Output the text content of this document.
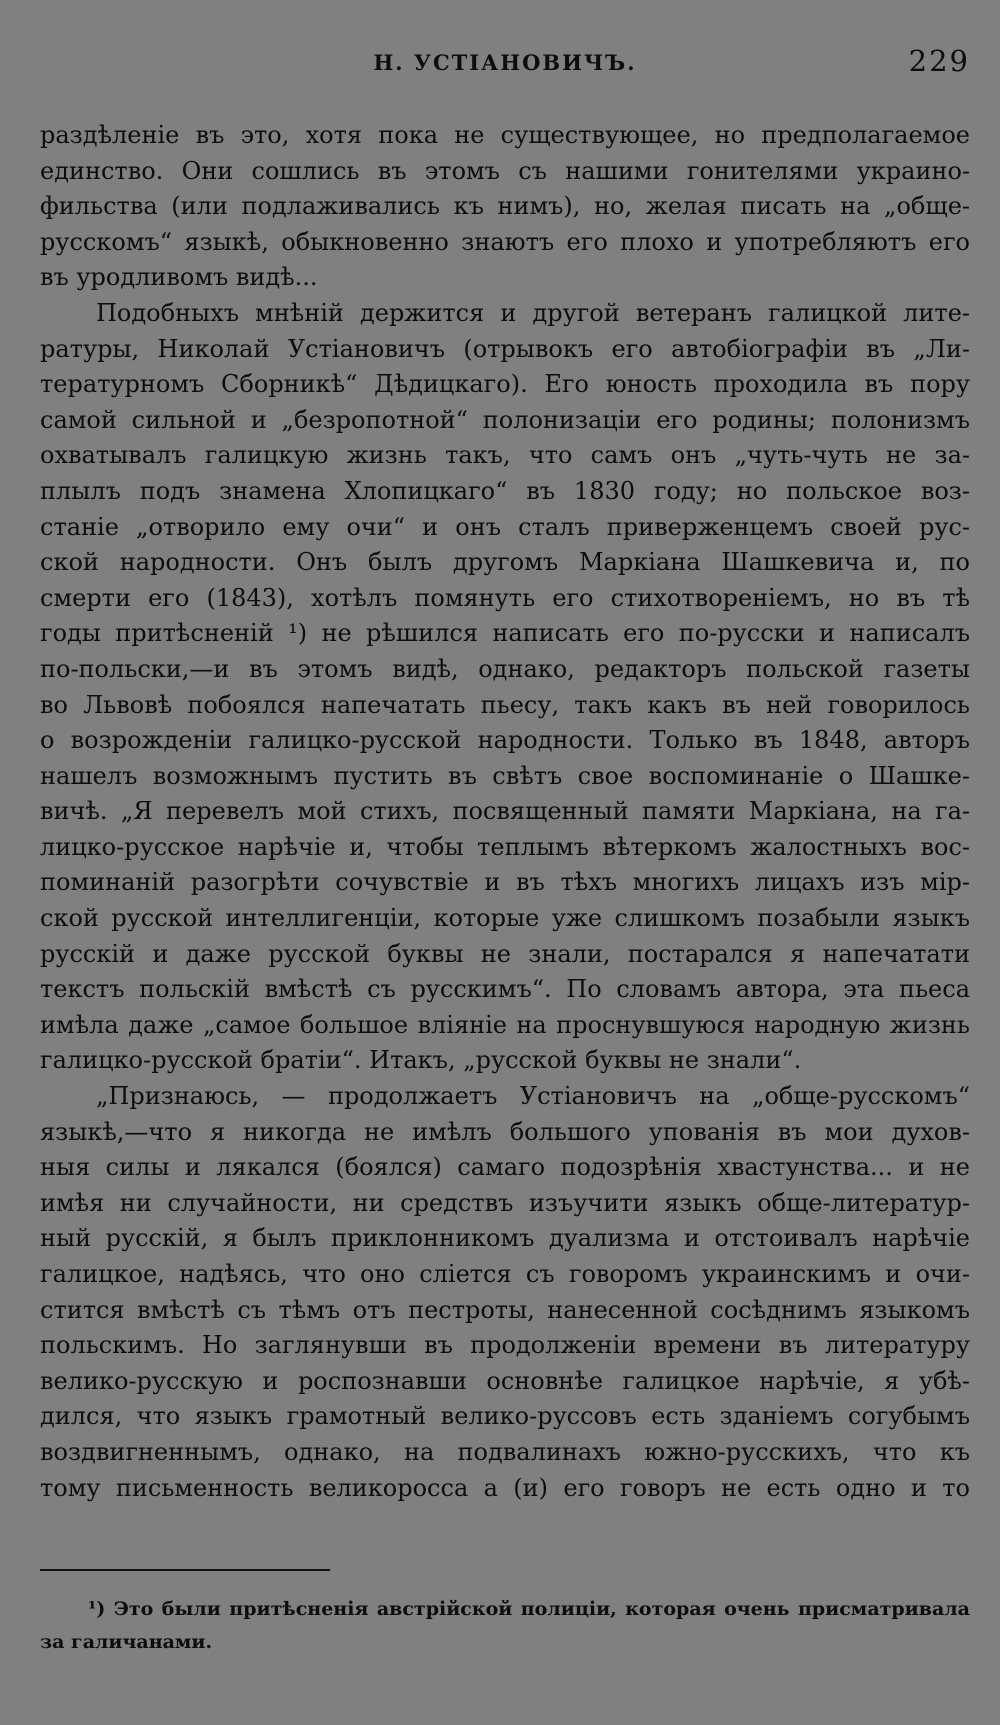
Н. УСТІАНОВИЧЪ.	229
раздѣленіе въ это, хотя пока не существующее, но предполагаемое
единство. Они сошлись въ этомъ съ нашими гонителями украино-
фильства (или подлаживались къ нимъ), но, желая писать на „обще-
русскомъ“ языкѣ, обыкновенно знаютъ его плохо и употребляютъ его
въ уродливомъ видѣ...
Подобныхъ мнѣній держится и другой ветеранъ галицкой лите-
ратуры, Николай Устіановичъ (отрывокъ его автобіографіи въ „Ли-
тературномъ Сборникѣ“ Дѣдицкаго). Его юность проходила въ пору
самой сильной и „безропотной“ полонизаціи его родины; полонизмъ
охватывалъ галицкую жизнь такъ, что самъ онъ „чуть-чуть не за-
плылъ подъ знамена Хлопицкаго“ въ 1830 году; но польское воз-
станіе „отворило ему очи“ и онъ сталъ приверженцемъ своей рус-
ской народности. Онъ былъ другомъ Маркіана Шашкевича и, по
смерти его (1843), хотѣлъ помянуть его стихотвореніемъ, но въ тѣ
годы притѣсненій ¹) не рѣшился написать его по-русски и написалъ
по-польски,—и въ этомъ видѣ, однако, редакторъ польской газеты
во Львовѣ побоялся напечатать пьесу, такъ какъ въ ней говорилось
о возрожденіи галицко-русской народности. Только въ 1848, авторъ
нашелъ возможнымъ пустить въ свѣтъ свое воспоминаніе о Шашке-
вичѣ. „Я перевелъ мой стихъ, посвященный памяти Маркіана, на га-
лицко-русское нарѣчіе и, чтобы теплымъ вѣтеркомъ жалостныхъ вос-
поминаній разогрѣти сочувствіе и въ тѣхъ многихъ лицахъ изъ мір-
ской русской интеллигенціи, которые уже слишкомъ позабыли языкъ
русскій и даже русской буквы не знали, постарался я напечатати
текстъ польскій вмѣстѣ съ русскимъ“. По словамъ автора, эта пьеса
имѣла даже „самое большое вліяніе на проснувшуюся народную жизнь
галицко-русской братіи“. Итакъ, „русской буквы не знали“.
„Признаюсь, — продолжаетъ Устіановичъ на „обще-русскомъ“
языкѣ,—что я никогда не имѣлъ большого упованія въ мои духов-
ныя силы и лякался (боялся) самаго подозрѣнія хвастунства... и не
имѣя ни случайности, ни средствъ изъучити языкъ обще-литератур-
ный русскій, я былъ приклонникомъ дуализма и отстоивалъ нарѣчіе
галицкое, надѣясь, что оно сліется съ говоромъ украинскимъ и очи-
стится вмѣстѣ съ тѣмъ отъ пестроты, нанесенной сосѣднимъ языкомъ
польскимъ. Но заглянувши въ продолженіи времени въ литературу
велико-русскую и роспознавши основнѣе галицкое нарѣчіе, я убѣ-
дился, что языкъ грамотный велико-руссовъ есть зданіемъ согубымъ
воздвигненнымъ, однако, на подвалинахъ южно-русскихъ, что къ
тому письменность великоросса а (и) его говоръ не есть одно и то
¹) Это были притѣсненія австрійской полиціи, которая очень присматривала
за галичанами.
